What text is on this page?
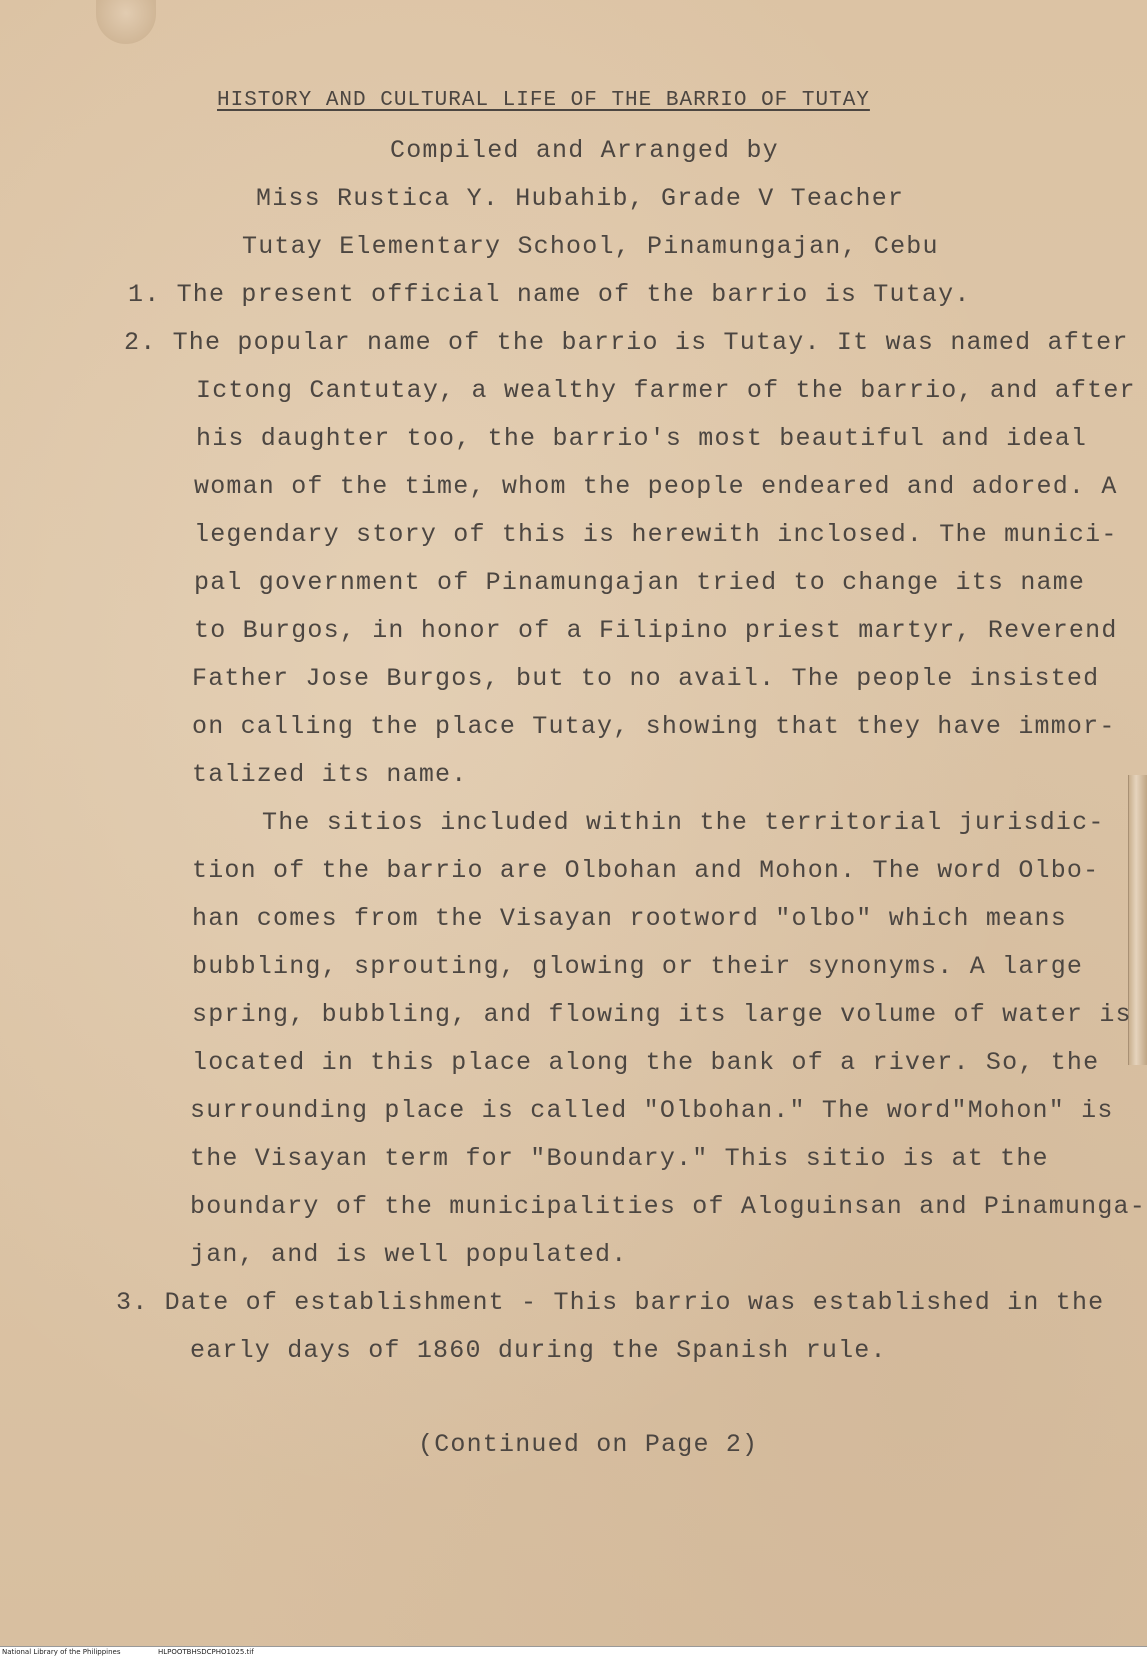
HISTORY AND CULTURAL LIFE OF THE BARRIO OF TUTAY
Compiled and Arranged by
Miss Rustica Y. Hubahib, Grade V Teacher
Tutay Elementary School, Pinamungajan, Cebu
1. The present official name of the barrio is Tutay.
2. The popular name of the barrio is Tutay. It was named after
Ictong Cantutay, a wealthy farmer of the barrio, and after
his daughter too, the barrio's most beautiful and ideal
woman of the time, whom the people endeared and adored. A
legendary story of this is herewith inclosed. The munici-
pal government of Pinamungajan tried to change its name
to Burgos, in honor of a Filipino priest martyr, Reverend
Father Jose Burgos, but to no avail. The people insisted
on calling the place Tutay, showing that they have immor-
talized its name.
The sitios included within the territorial jurisdic-
tion of the barrio are Olbohan and Mohon. The word Olbo-
han comes from the Visayan rootword "olbo" which means
bubbling, sprouting, glowing or their synonyms. A large
spring, bubbling, and flowing its large volume of water is
located in this place along the bank of a river. So, the
surrounding place is called "Olbohan." The word"Mohon" is
the Visayan term for "Boundary." This sitio is at the
boundary of the municipalities of Aloguinsan and Pinamunga-
jan, and is well populated.
3. Date of establishment - This barrio was established in the
early days of 1860 during the Spanish rule.
(Continued on Page 2)
National Library of the Philippines	HLPOOTBHSDCPHO1025.tif
